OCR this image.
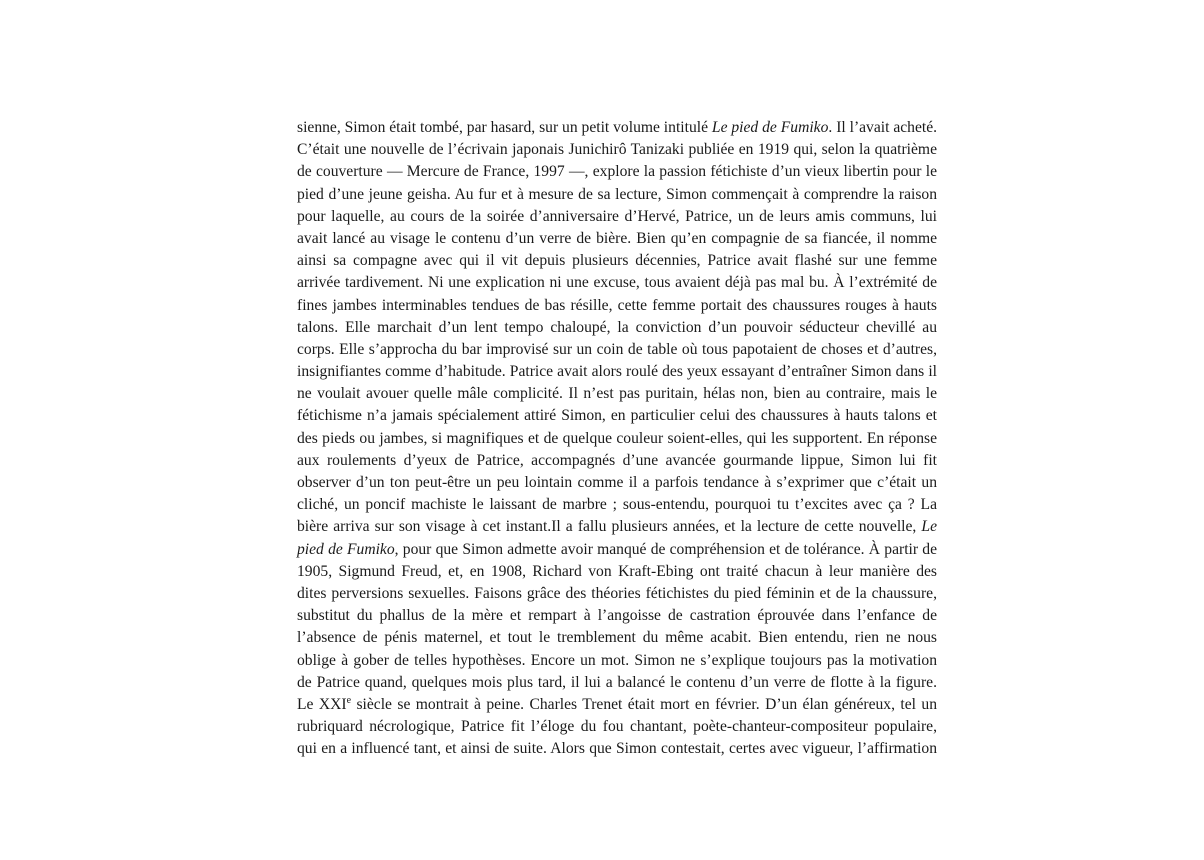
sienne, Simon était tombé, par hasard, sur un petit volume intitulé Le pied de Fumiko. Il l’avait acheté.
C’était une nouvelle de l’écrivain japonais Junichirô Tanizaki publiée en 1919 qui, selon la quatrième
de couverture — Mercure de France, 1997 —, explore la passion fétichiste d’un vieux libertin pour le
pied d’une jeune geisha. Au fur et à mesure de sa lecture, Simon commençait à comprendre la raison
pour laquelle, au cours de la soirée d’anniversaire d’Hervé, Patrice, un de leurs amis communs, lui
avait lancé au visage le contenu d’un verre de bière. Bien qu’en compagnie de sa fiancée, il nomme
ainsi sa compagne avec qui il vit depuis plusieurs décennies, Patrice avait flashé sur une femme
arrivée tardivement. Ni une explication ni une excuse, tous avaient déjà pas mal bu. À l’extrémité de
fines jambes interminables tendues de bas résille, cette femme portait des chaussures rouges à hauts
talons. Elle marchait d’un lent tempo chaloupé, la conviction d’un pouvoir séducteur chevillé au
corps. Elle s’approcha du bar improvisé sur un coin de table où tous papotaient de choses et d’autres,
insignifiantes comme d’habitude. Patrice avait alors roulé des yeux essayant d’entraîner Simon dans il
ne voulait avouer quelle mâle complicité. Il n’est pas puritain, hélas non, bien au contraire, mais le
fétichisme n’a jamais spécialement attiré Simon, en particulier celui des chaussures à hauts talons et
des pieds ou jambes, si magnifiques et de quelque couleur soient-elles, qui les supportent. En réponse
aux roulements d’yeux de Patrice, accompagnés d’une avancée gourmande lippue, Simon lui fit
observer d’un ton peut-être un peu lointain comme il a parfois tendance à s’exprimer que c’était un
cliché, un poncif machiste le laissant de marbre ; sous-entendu, pourquoi tu t’excites avec ça ? La
bière arriva sur son visage à cet instant.Il a fallu plusieurs années, et la lecture de cette nouvelle, Le
pied de Fumiko, pour que Simon admette avoir manqué de compréhension et de tolérance. À partir de
1905, Sigmund Freud, et, en 1908, Richard von Kraft-Ebing ont traité chacun à leur manière des
dites perversions sexuelles. Faisons grâce des théories fétichistes du pied féminin et de la chaussure,
substitut du phallus de la mère et rempart à l’angoisse de castration éprouvée dans l’enfance de
l’absence de pénis maternel, et tout le tremblement du même acabit. Bien entendu, rien ne nous
oblige à gober de telles hypothèses. Encore un mot. Simon ne s’explique toujours pas la motivation
de Patrice quand, quelques mois plus tard, il lui a balancé le contenu d’un verre de flotte à la figure.
Le XXIe siècle se montrait à peine. Charles Trenet était mort en février. D’un élan généreux, tel un
rubriquard nécrologique, Patrice fit l’éloge du fou chantant, poète-chanteur-compositeur populaire,
qui en a influencé tant, et ainsi de suite. Alors que Simon contestait, certes avec vigueur, l’affirmation
